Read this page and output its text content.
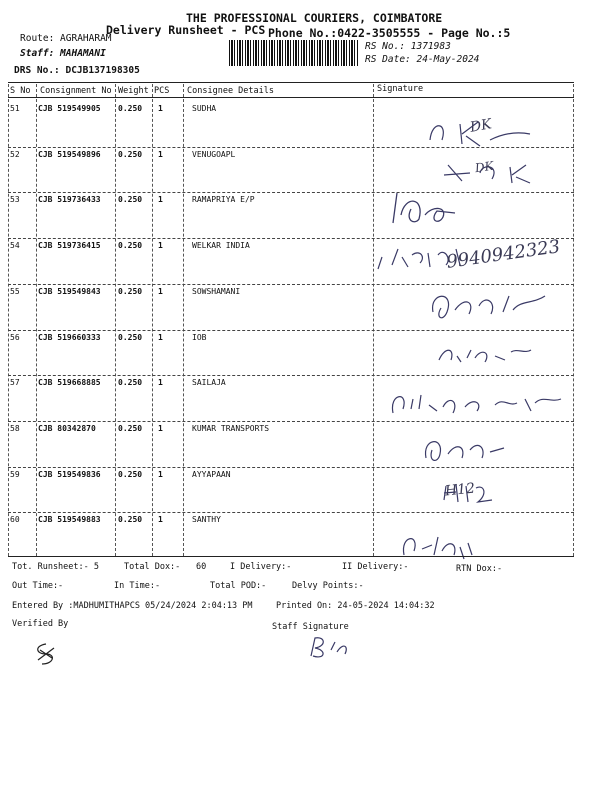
THE PROFESSIONAL COURIERS, COIMBATORE
Delivery Runsheet - PCS Phone No.:0422-3505555 - Page No.:5
Route: AGRAHARAM
Staff: MAHAMANI
DRS No.: DCJB137198305
RS No.: 1371983
RS Date: 24-May-2024
S No Consignment No Weight PCS Consignee Details	Signature
51 CJB 519549905 0.250 1	SUDHA
52 CJB 519549896 0.250 1	VENUGOAPL
53 CJB 519736433 0.250 1	RAMAPRIYA E/P
54 CJB 519736415 0.250 1	WELKAR INDIA
55 CJB 519549843 0.250 1	SOWSHAMANI
56 CJB 519660333 0.250 1	IOB
57 CJB 519668885 0.250 1	SAILAJA
58 CJB 80342870	0.250 1	KUMAR TRANSPORTS
59 CJB 519549836 0.250 1	AYYAPAAN
60 CJB 519549883 0.250 1	SANTHY
9940942323
Tot. Runsheet:- 5	Total Dox:- 60	I Delivery:-	II Delivery:-	RTN Dox:-
Out Time:-	In Time:-	Total POD:-	Delvy Points:-
Entered By :MADHUMITHAPCS 05/24/2024 2:04:13 PM	Printed On: 24-05-2024 14:04:32
Verified By	Staff Signature
DK
DK
H12
